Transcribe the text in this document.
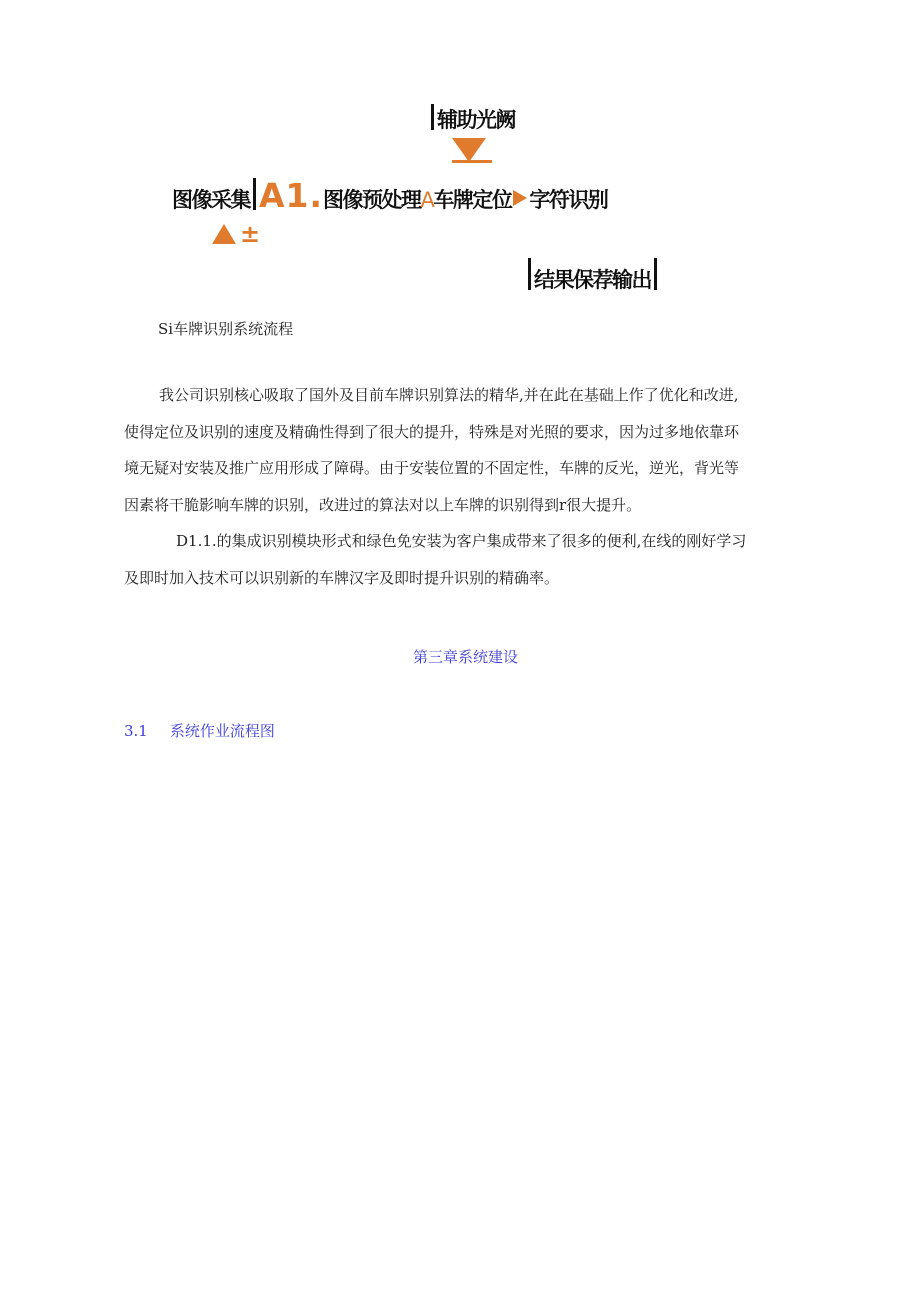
辅助光阙
图像采集 A1.图像预处理A车牌定位 字符识别
±
结果保荐输出
Si车牌识别系统流程
我公司识别核心吸取了国外及目前车牌识别算法的精华,并在此在基础上作了优化和改进,
使得定位及识别的速度及精确性得到了很大的提升，特殊是对光照的要求，因为过多地依靠环
境无疑对安装及推广应用形成了障碍。由于安装位置的不固定性，车牌的反光，逆光，背光等
因素将干脆影响车牌的识别，改进过的算法对以上车牌的识别得到r很大提升。
D1.1.的集成识别模块形式和绿色免安装为客户集成带来了很多的便利,在线的刚好学习
及即时加入技术可以识别新的车牌汉字及即时提升识别的精确率。
第三章系统建设
3.1 系统作业流程图
